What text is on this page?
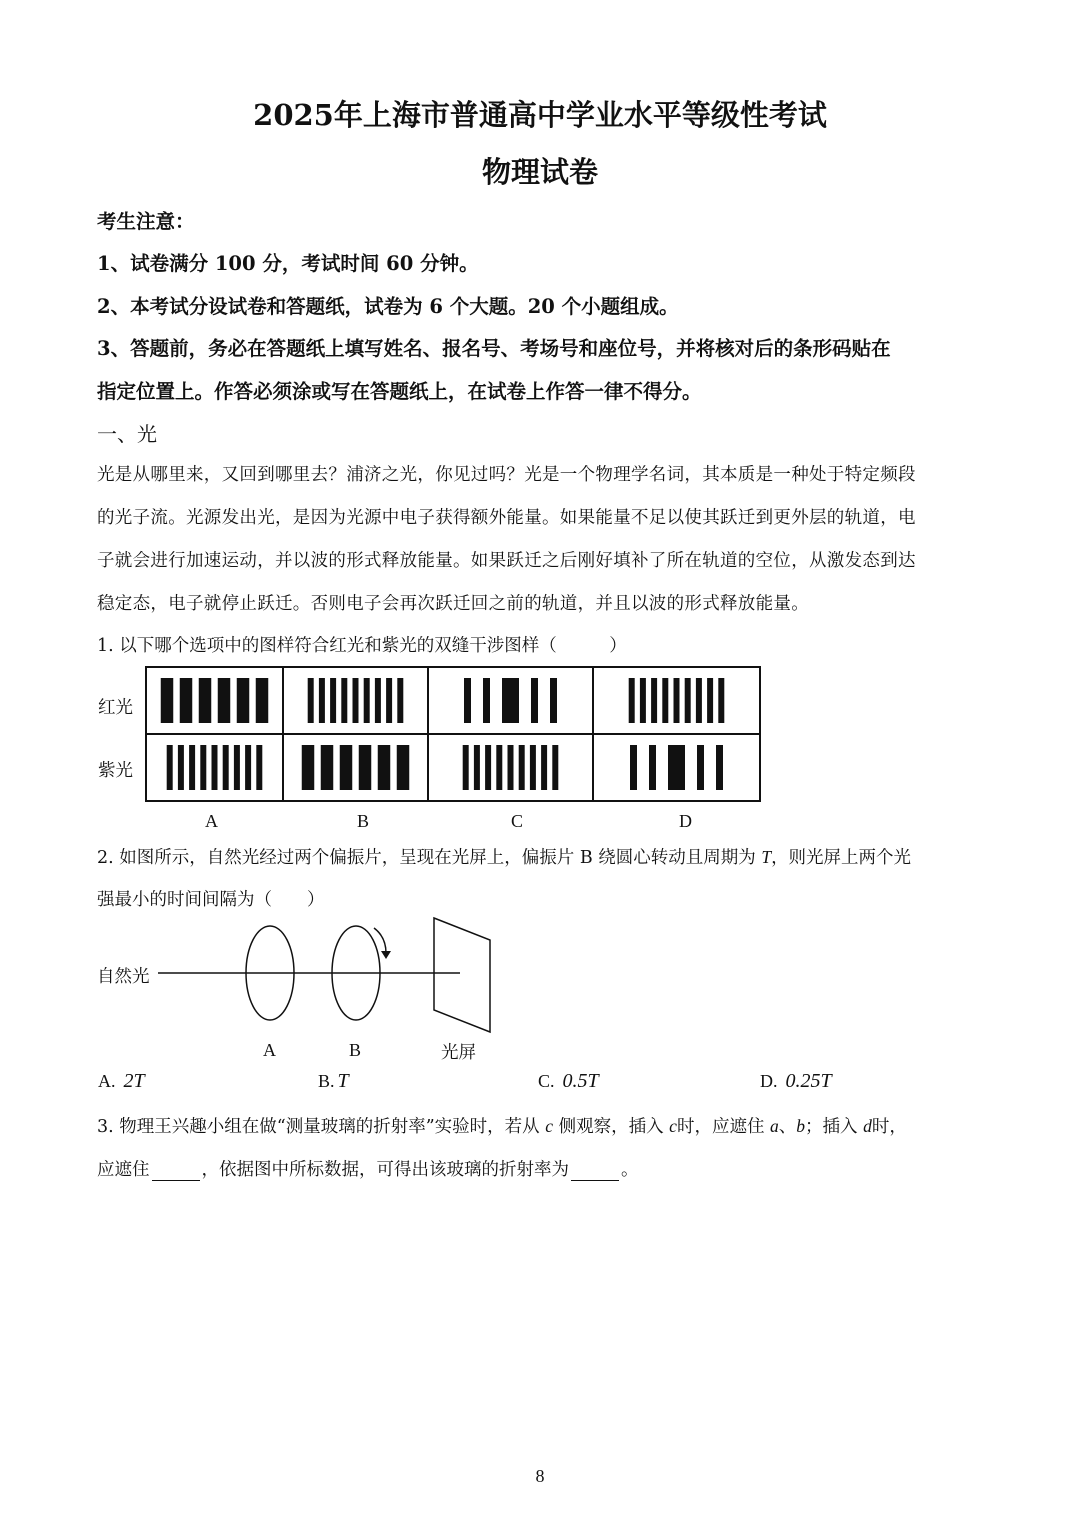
2025年上海市普通高中学业水平等级性考试
物理试卷
考生注意：
1、试卷满分 100 分，考试时间 60 分钟。
2、本考试分设试卷和答题纸，试卷为 6 个大题。20 个小题组成。
3、答题前，务必在答题纸上填写姓名、报名号、考场号和座位号，并将核对后的条形码贴在
指定位置上。作答必须涂或写在答题纸上，在试卷上作答一律不得分。
一、光
光是从哪里来，又回到哪里去？浦济之光，你见过吗？光是一个物理学名词，其本质是一种处于特定频段
的光子流。光源发出光，是因为光源中电子获得额外能量。如果能量不足以使其跃迁到更外层的轨道，电
子就会进行加速运动，并以波的形式释放能量。如果跃迁之后刚好填补了所在轨道的空位，从激发态到达
稳定态，电子就停止跃迁。否则电子会再次跃迁回之前的轨道，并且以波的形式释放能量。
1. 以下哪个选项中的图样符合红光和紫光的双缝干涉图样（　　　）
红光
紫光
A	B	C	D
2. 如图所示，自然光经过两个偏振片，呈现在光屏上，偏振片 B 绕圆心转动且周期为 T，则光屏上两个光
强最小的时间间隔为（　　）
自然光
A	B	光屏
A. 2T	B. T	C. 0.5T	D. 0.25T
3. 物理王兴趣小组在做“测量玻璃的折射率”实验时，若从 c 侧观察，插入 c时，应遮住 a、b；插入 d时，
应遮住	，依据图中所标数据，可得出该玻璃的折射率为	。
8
